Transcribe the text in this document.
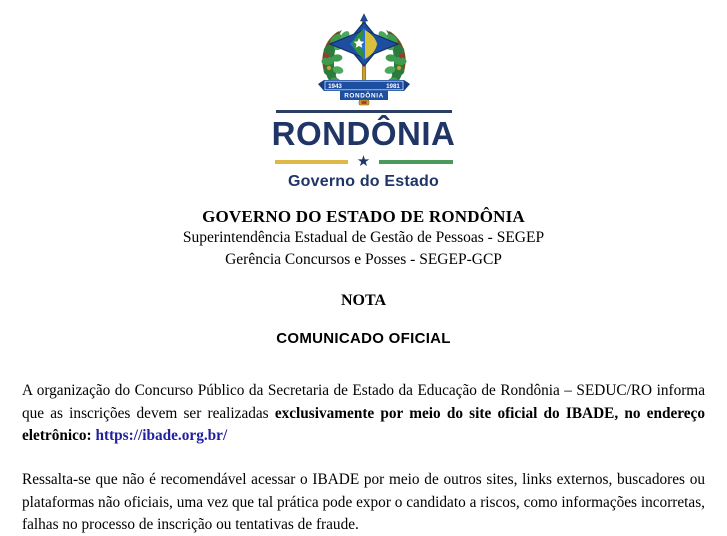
1943	1981
RONDÔNIA
RONDÔNIA
★
Governo do Estado
GOVERNO DO ESTADO DE RONDÔNIA
Superintendência Estadual de Gestão de Pessoas - SEGEP
Gerência Concursos e Posses - SEGEP-GCP
NOTA
COMUNICADO OFICIAL

A organização do Concurso Público da Secretaria de Estado da Educação de Rondônia – SEDUC/RO informa que as inscrições devem ser realizadas exclusivamente por meio do site oficial do IBADE, no endereço eletrônico: https://ibade.org.br/

Ressalta-se que não é recomendável acessar o IBADE por meio de outros sites, links externos, buscadores ou plataformas não oficiais, uma vez que tal prática pode expor o candidato a riscos, como informações incorretas, falhas no processo de inscrição ou tentativas de fraude.
